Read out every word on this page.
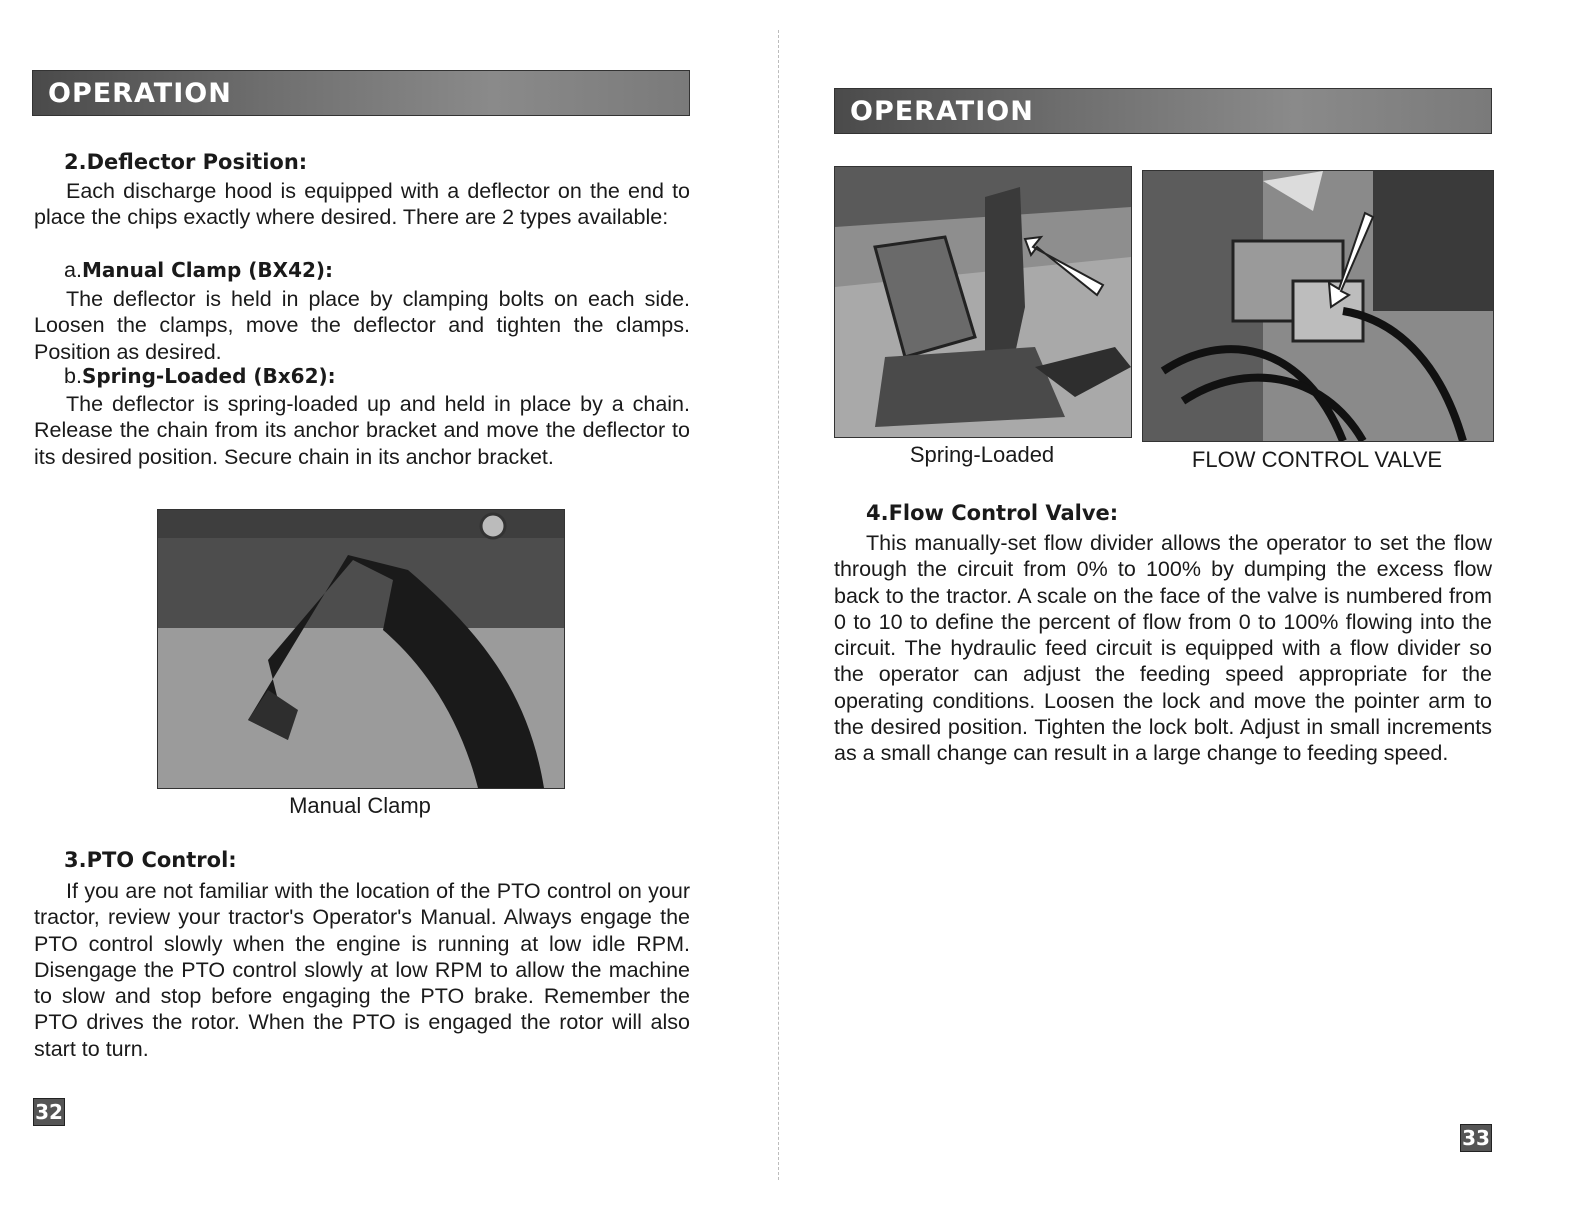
OPERATION
2.Deflector Position:

Each discharge hood is equipped with a deflector on the end to place the chips exactly where desired. There are 2 types available:

a.Manual Clamp (BX42):

The deflector is held in place by clamping bolts on each side. Loosen the clamps, move the deflector and tighten the clamps. Position as desired.

b.Spring-Loaded (Bx62):

The deflector is spring-loaded up and held in place by a chain. Release the chain from its anchor bracket and move the deflector to its desired position. Secure chain in its anchor bracket.

Manual Clamp
3.PTO Control:

If you are not familiar with the location of the PTO control on your tractor, review your tractor's Operator's Manual. Always engage the PTO control slowly when the engine is running at low idle RPM. Disengage the PTO control slowly at low RPM to allow the machine to slow and stop before engaging the PTO brake. Remember the PTO drives the rotor. When the PTO is engaged the rotor will also start to turn.

32
OPERATION
Spring-Loaded	FLOW CONTROL VALVE
4.Flow Control Valve:

This manually-set flow divider allows the operator to set the flow through the circuit from 0% to 100% by dumping the excess flow back to the tractor. A scale on the face of the valve is numbered from 0 to 10 to define the percent of flow from 0 to 100% flowing into the circuit. The hydraulic feed circuit is equipped with a flow divider so the operator can adjust the feeding speed appropriate for the operating conditions. Loosen the lock and move the pointer arm to the desired position. Tighten the lock bolt. Adjust in small increments as a small change can result in a large change to feeding speed.

33
